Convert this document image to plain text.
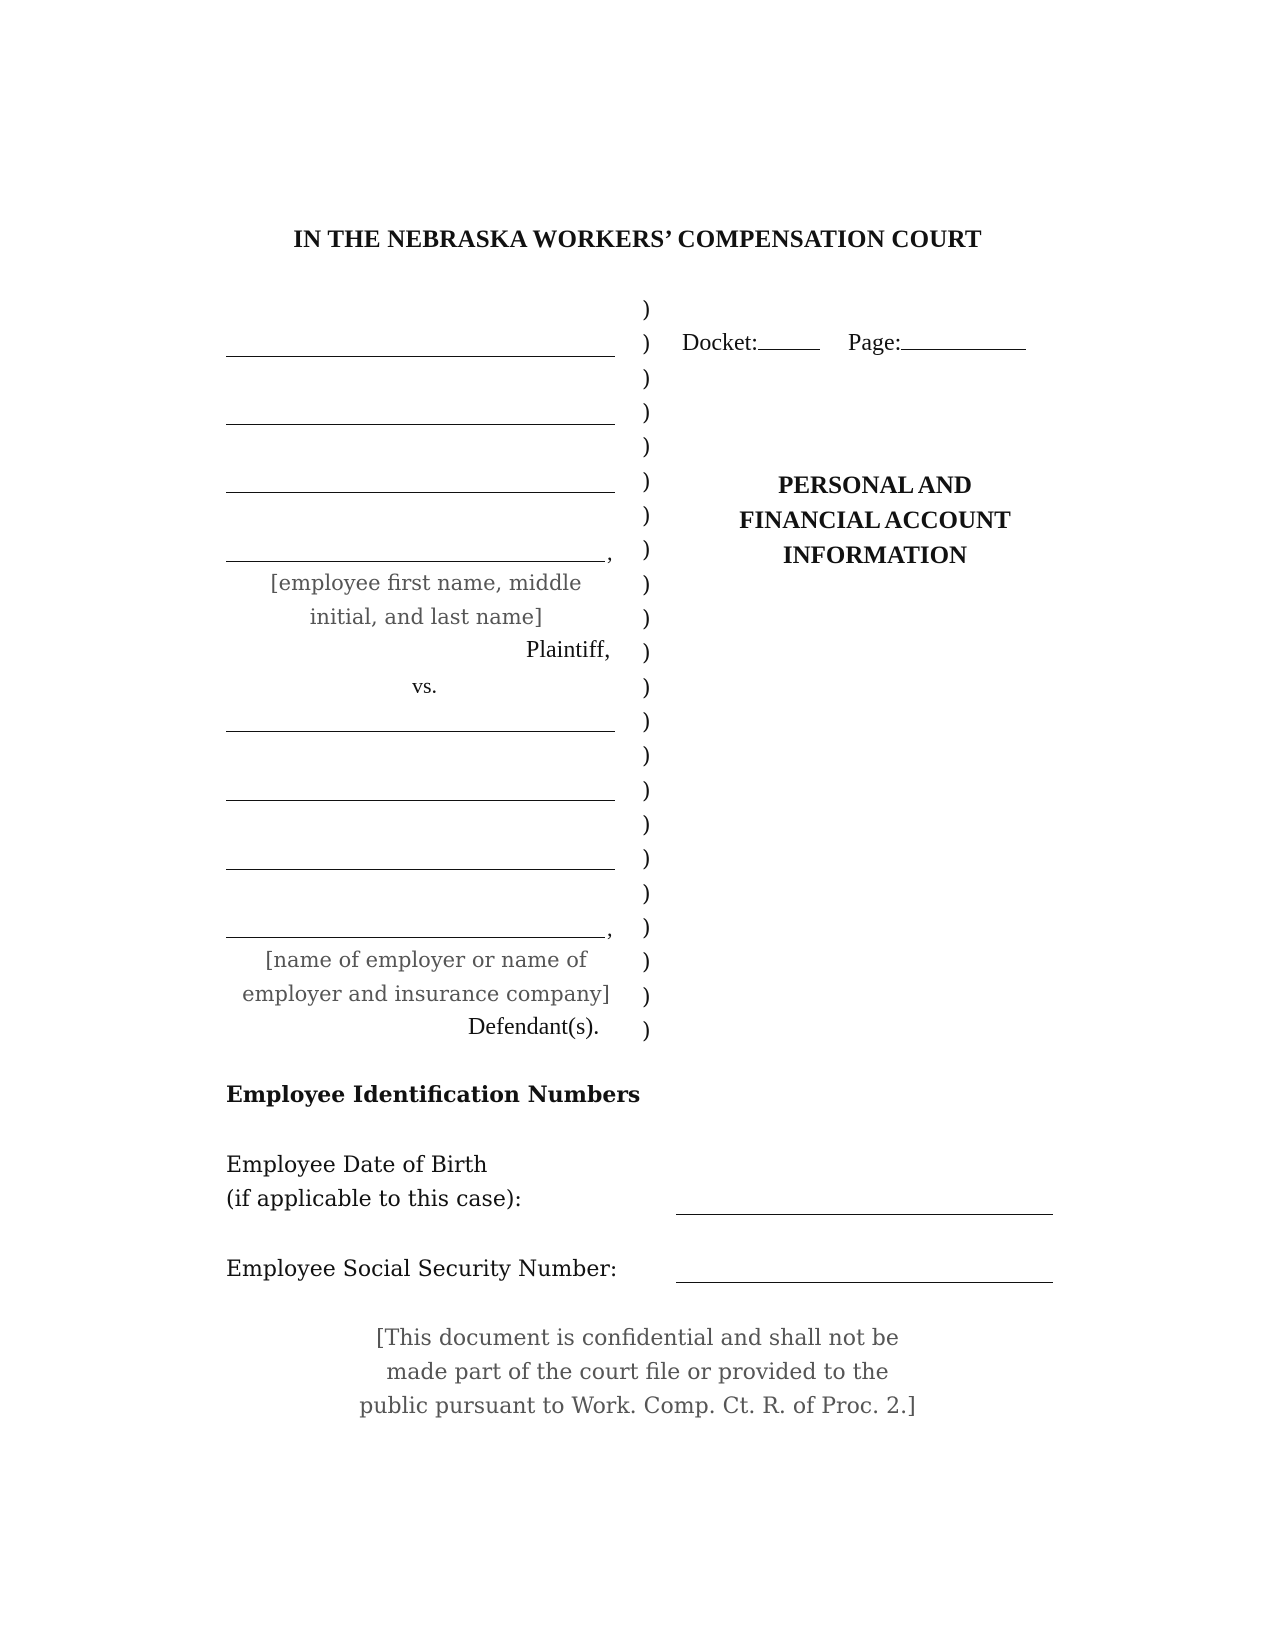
IN THE NEBRASKA WORKERS’ COMPENSATION COURT
,
[employee first name, middle
initial, and last name]
Plaintiff,
vs.
,
[name of employer or name of
employer and insurance company]
Defendant(s).
)
)
)
)
)
)
)
)
)
)
)
)
)
)
)
)
)
)
)
)
)
)
Docket:	Page:
PERSONAL AND
FINANCIAL ACCOUNT
INFORMATION
Employee Identification Numbers
Employee Date of Birth
(if applicable to this case):
Employee Social Security Number:
[This document is confidential and shall not be
made part of the court file or provided to the
public pursuant to Work. Comp. Ct. R. of Proc. 2.]
